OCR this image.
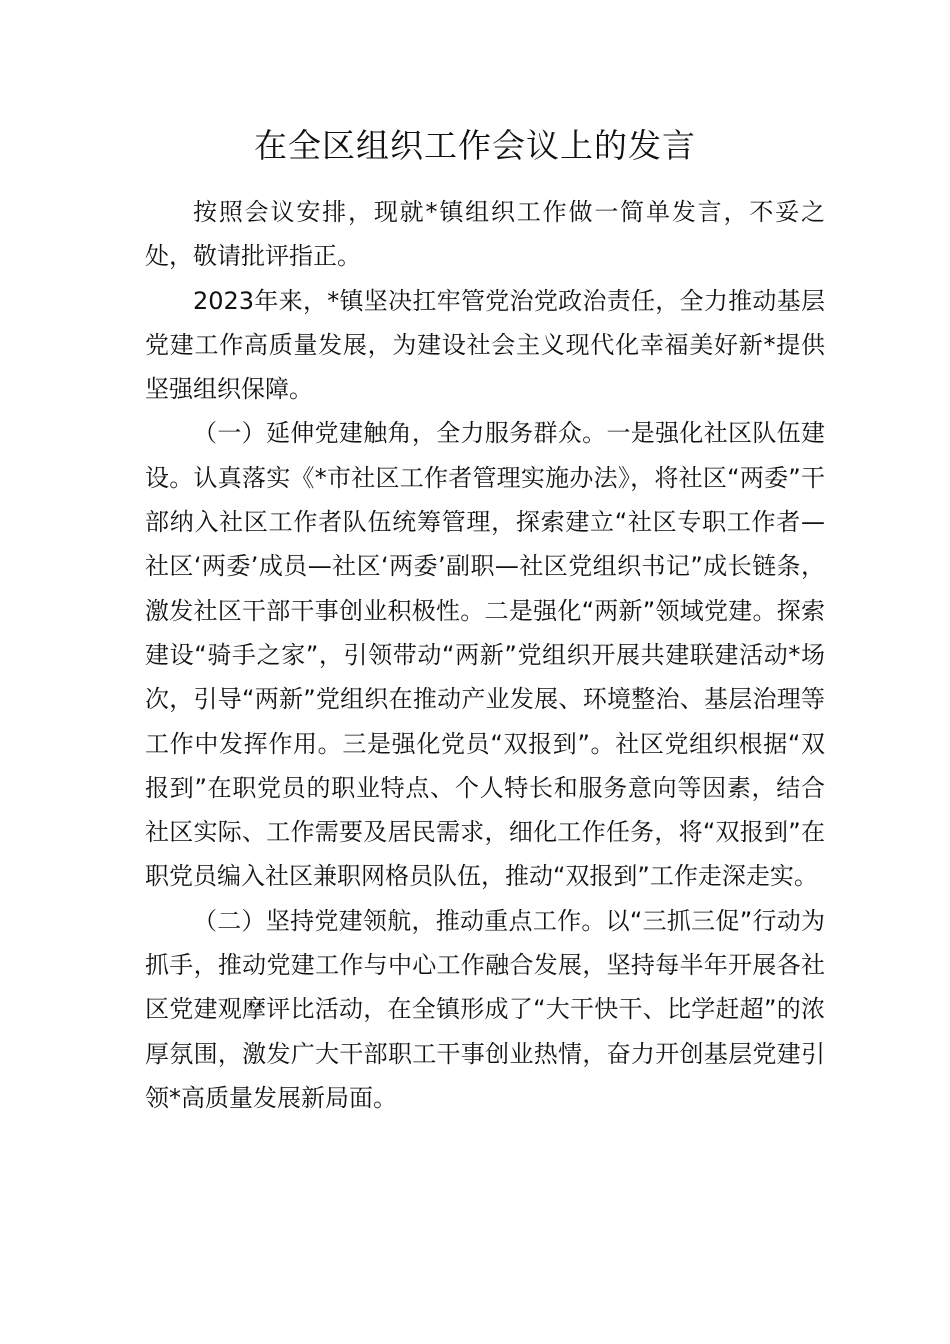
在全区组织工作会议上的发言

按照会议安排，现就*镇组织工作做一简单发言，不妥之处，敬请批评指正。

2023年来，*镇坚决扛牢管党治党政治责任，全力推动基层党建工作高质量发展，为建设社会主义现代化幸福美好新*提供坚强组织保障。

（一）延伸党建触角，全力服务群众。一是强化社区队伍建设。认真落实《*市社区工作者管理实施办法》，将社区“两委”干部纳入社区工作者队伍统筹管理，探索建立“社区专职工作者—社区‘两委’成员—社区‘两委’副职—社区党组织书记”成长链条，激发社区干部干事创业积极性。二是强化“两新”领域党建。探索建设“骑手之家”，引领带动“两新”党组织开展共建联建活动*场次，引导“两新”党组织在推动产业发展、环境整治、基层治理等工作中发挥作用。三是强化党员“双报到”。社区党组织根据“双报到”在职党员的职业特点、个人特长和服务意向等因素，结合社区实际、工作需要及居民需求，细化工作任务，将“双报到”在职党员编入社区兼职网格员队伍，推动“双报到”工作走深走实。

（二）坚持党建领航，推动重点工作。以“三抓三促”行动为抓手，推动党建工作与中心工作融合发展，坚持每半年开展各社区党建观摩评比活动，在全镇形成了“大干快干、比学赶超”的浓厚氛围，激发广大干部职工干事创业热情，奋力开创基层党建引领*高质量发展新局面。
